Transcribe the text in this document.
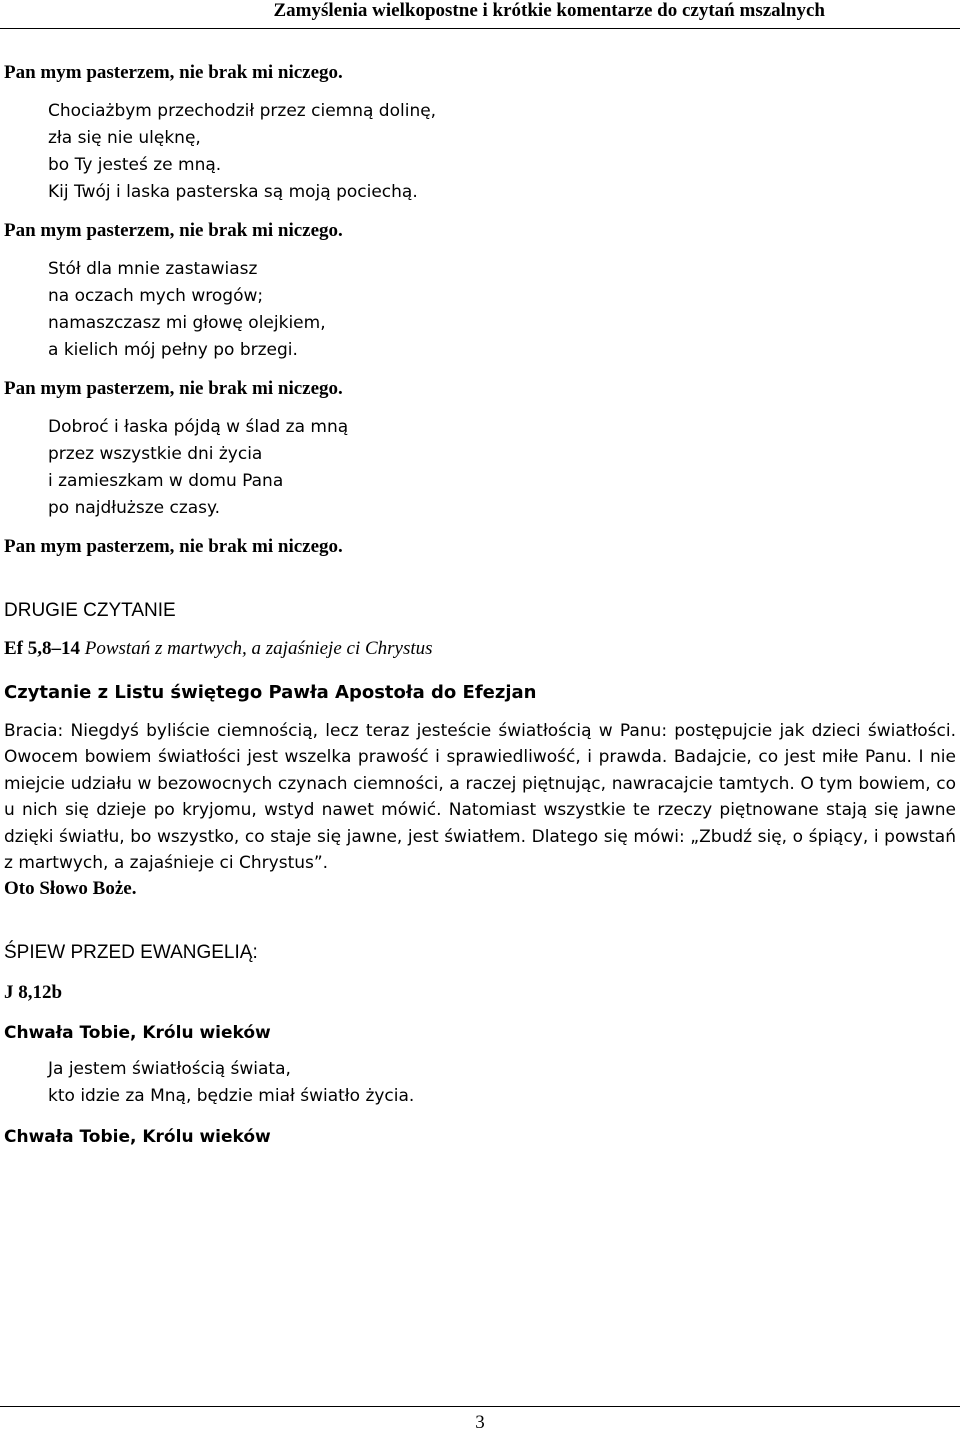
Zamyślenia wielkopostne i krótkie komentarze do czytań mszalnych

Pan mym pasterzem, nie brak mi niczego.

Chociażbym przechodził przez ciemną dolinę,
zła się nie ulęknę,
bo Ty jesteś ze mną.
Kij Twój i laska pasterska są moją pociechą.

Pan mym pasterzem, nie brak mi niczego.

Stół dla mnie zastawiasz
na oczach mych wrogów;
namaszczasz mi głowę olejkiem,
a kielich mój pełny po brzegi.

Pan mym pasterzem, nie brak mi niczego.

Dobroć i łaska pójdą w ślad za mną
przez wszystkie dni życia
i zamieszkam w domu Pana
po najdłuższe czasy.

Pan mym pasterzem, nie brak mi niczego.

DRUGIE CZYTANIE
Ef 5,8–14 Powstań z martwych, a zajaśnieje ci Chrystus
Czytanie z Listu świętego Pawła Apostoła do Efezjan
Bracia: Niegdyś byliście ciemnością, lecz teraz jesteście światłością w Panu: postępujcie jak dzieci światłości. Owocem bowiem światłości jest wszelka prawość i sprawiedliwość, i prawda. Badajcie, co jest miłe Panu. I nie miejcie udziału w bezowocnych czynach ciemności, a raczej piętnując, nawracajcie tamtych. O tym bowiem, co u nich się dzieje po kryjomu, wstyd nawet mówić. Natomiast wszystkie te rzeczy piętnowane stają się jawne dzięki światłu, bo wszystko, co staje się jawne, jest światłem. Dlatego się mówi: „Zbudź się, o śpiący, i powstań z martwych, a zajaśnieje ci Chrystus”.
Oto Słowo Boże.
ŚPIEW PRZED EWANGELIĄ:
J 8,12b
Chwała Tobie, Królu wieków
Ja jestem światłością świata,
kto idzie za Mną, będzie miał światło życia.
Chwała Tobie, Królu wieków
3
